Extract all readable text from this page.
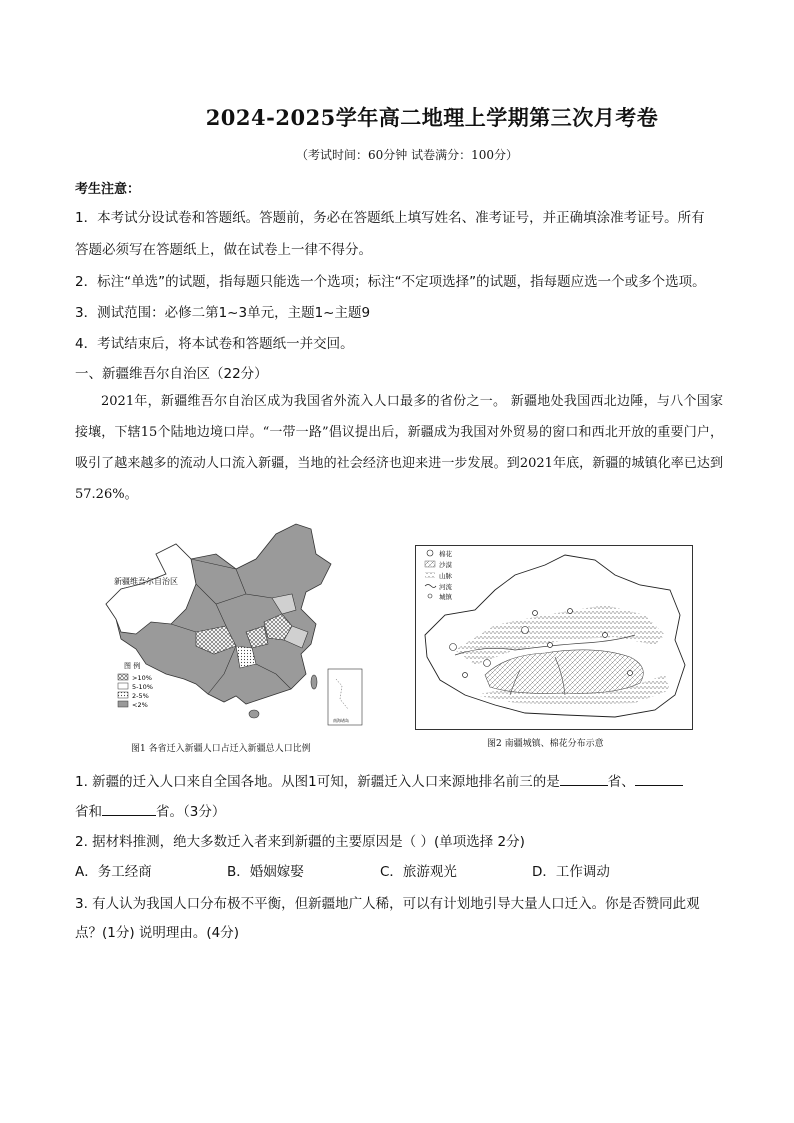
2024-2025学年高二地理上学期第三次月考卷
（考试时间：60分钟 试卷满分：100分）
考生注意：
1．本考试分设试卷和答题纸。答题前，务必在答题纸上填写姓名、准考证号，并正确填涂准考证号。所有
答题必须写在答题纸上，做在试卷上一律不得分。
2．标注“单选”的试题，指每题只能选一个选项；标注“不定项选择”的试题，指每题应选一个或多个选项。
3．测试范围：必修二第1~3单元，主题1~主题9
4．考试结束后，将本试卷和答题纸一并交回。
一、新疆维吾尔自治区（22分）
2021年，新疆维吾尔自治区成为我国省外流入人口最多的省份之一。 新疆地处我国西北边陲，与八个国家接壤，下辖15个陆地边境口岸。“一带一路”倡议提出后，新疆成为我国对外贸易的窗口和西北开放的重要门户，吸引了越来越多的流动人口流入新疆，当地的社会经济也迎来进一步发展。到2021年底，新疆的城镇化率已达到57.26%。
新疆维吾尔自治区
图 例
>10%
5-10%
2-5%
<2%
南海诸岛
图1 各省迁入新疆人口占迁入新疆总人口比例
棉花
沙漠
山脉
河流
城镇
图2 南疆城镇、棉花分布示意
1. 新疆的迁入人口来自全国各地。从图1可知，新疆迁入人口来源地排名前三的是	省、
省和	省。（3分）
2. 据材料推测，绝大多数迁入者来到新疆的主要原因是（ ）(单项选择 2分)
A．务工经商	B．婚姻嫁娶	C．旅游观光	D．工作调动
3. 有人认为我国人口分布极不平衡，但新疆地广人稀，可以有计划地引导大量人口迁入。你是否赞同此观
点？(1分) 说明理由。(4分)
